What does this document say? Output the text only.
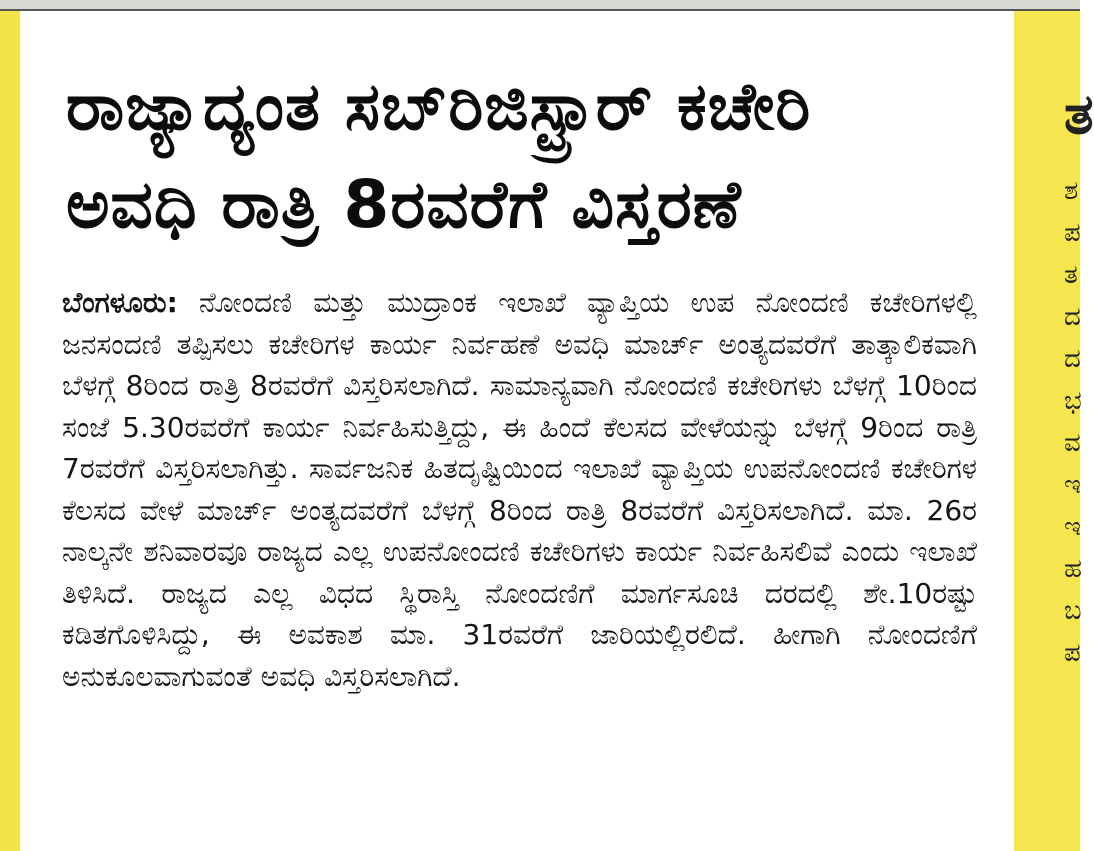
ರಾಜ್ಯಾದ್ಯಂತ ಸಬ್‌ರಿಜಿಸ್ಟ್ರಾರ್ ಕಚೇರಿ
ಅವಧಿ ರಾತ್ರಿ 8ರವರೆಗೆ ವಿಸ್ತರಣೆ

ಬೆಂಗಳೂರು: ನೋಂದಣಿ ಮತ್ತು ಮುದ್ರಾಂಕ ಇಲಾಖೆ ವ್ಯಾಪ್ತಿಯ ಉಪ ನೋಂದಣಿ ಕಚೇರಿಗಳಲ್ಲಿ ಜನಸಂದಣಿ ತಪ್ಪಿಸಲು ಕಚೇರಿಗಳ ಕಾರ್ಯ ನಿರ್ವಹಣೆ ಅವಧಿ ಮಾರ್ಚ್ ಅಂತ್ಯದವರೆಗೆ ತಾತ್ಕಾಲಿಕವಾಗಿ ಬೆಳಗ್ಗೆ 8ರಿಂದ ರಾತ್ರಿ 8ರವರೆಗೆ ವಿಸ್ತರಿಸಲಾಗಿದೆ. ಸಾಮಾನ್ಯವಾಗಿ ನೋಂದಣಿ ಕಚೇರಿಗಳು ಬೆಳಗ್ಗೆ 10ರಿಂದ ಸಂಜೆ 5.30ರವರೆಗೆ ಕಾರ್ಯ ನಿರ್ವಹಿಸುತ್ತಿದ್ದು, ಈ ಹಿಂದೆ ಕೆಲಸದ ವೇಳೆಯನ್ನು ಬೆಳಗ್ಗೆ 9ರಿಂದ ರಾತ್ರಿ 7ರವರೆಗೆ ವಿಸ್ತರಿಸಲಾಗಿತ್ತು. ಸಾರ್ವಜನಿಕ ಹಿತದೃಷ್ಟಿಯಿಂದ ಇಲಾಖೆ ವ್ಯಾಪ್ತಿಯ ಉಪನೋಂದಣಿ ಕಚೇರಿಗಳ ಕೆಲಸದ ವೇಳೆ ಮಾರ್ಚ್ ಅಂತ್ಯದವರೆಗೆ ಬೆಳಗ್ಗೆ 8ರಿಂದ ರಾತ್ರಿ 8ರವರೆಗೆ ವಿಸ್ತರಿಸಲಾಗಿದೆ. ಮಾ. 26ರ ನಾಲ್ಕನೇ ಶನಿವಾರವೂ ರಾಜ್ಯದ ಎಲ್ಲ ಉಪನೋಂದಣಿ ಕಚೇರಿಗಳು ಕಾರ್ಯ ನಿರ್ವಹಿಸಲಿವೆ ಎಂದು ಇಲಾಖೆ ತಿಳಿಸಿದೆ. ರಾಜ್ಯದ ಎಲ್ಲ ವಿಧದ ಸ್ಥಿರಾಸ್ತಿ ನೋಂದಣಿಗೆ ಮಾರ್ಗಸೂಚಿ ದರದಲ್ಲಿ ಶೇ.10ರಷ್ಟು ಕಡಿತಗೊಳಿಸಿದ್ದು, ಈ ಅವಕಾಶ ಮಾ. 31ರವರೆಗೆ ಜಾರಿಯಲ್ಲಿರಲಿದೆ. ಹೀಗಾಗಿ ನೋಂದಣಿಗೆ ಅನುಕೂಲವಾಗುವಂತೆ ಅವಧಿ ವಿಸ್ತರಿಸಲಾಗಿದೆ.

ತ
ಶ
ಪ
ತ
ದ
ದ
ಭ
ವ
ಇ
ಇ
ಹ
ಬ
ಪ
